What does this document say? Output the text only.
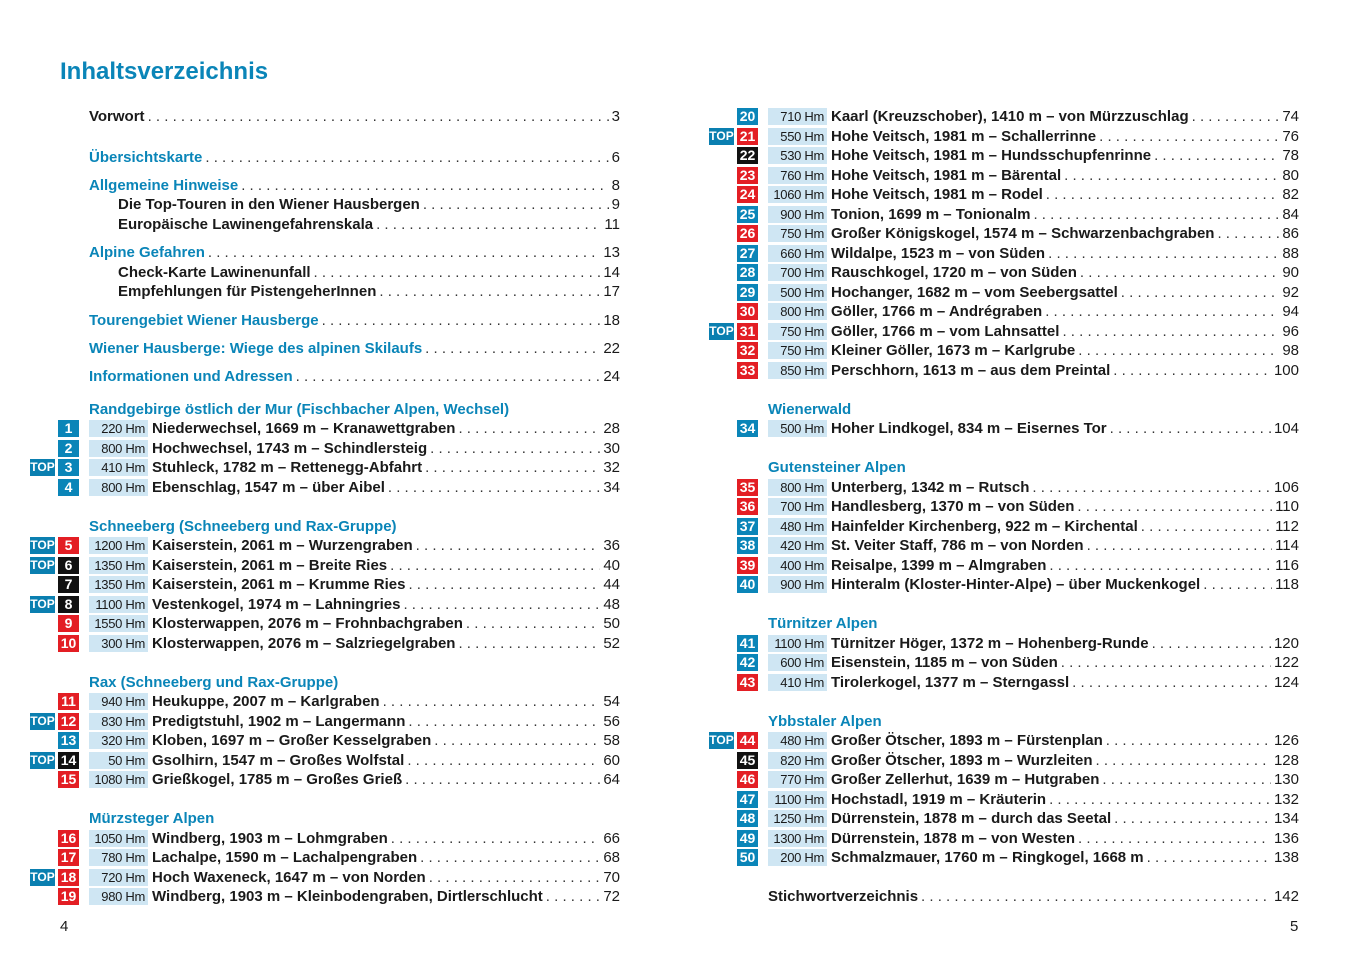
Inhaltsverzeichnis
4	5
Vorwort . . .	3
Übersichtskarte . . .	6
Allgemeine Hinweise . . .	8
Die Top-Touren in den Wiener Hausbergen . . .	9
Europäische Lawinengefahrenskala . . .	11
Alpine Gefahren . . .	13
Check-Karte Lawinenunfall . . .	14
Empfehlungen für PistengeherInnen . . .	17
Tourengebiet Wiener Hausberge . . .	18
Wiener Hausberge: Wiege des alpinen Skilaufs . . .	22
Informationen und Adressen . . .	24
Randgebirge östlich der Mur (Fischbacher Alpen, Wechsel)
Schneeberg (Schneeberg und Rax-Gruppe)
Rax (Schneeberg und Rax-Gruppe)
Mürzsteger Alpen
Wienerwald
Gutensteiner Alpen
Türnitzer Alpen
Ybbstaler Alpen
1	220 Hm Niederwechsel, 1669 m – Kranawettgraben . . .	28
2	800 Hm Hochwechsel, 1743 m – Schindlersteig . . .	30
TOP 3	410 Hm Stuhleck, 1782 m – Rettenegg-Abfahrt . . .	32
4	800 Hm Ebenschlag, 1547 m – über Aibel . . .	34
TOP 5	1200 Hm Kaiserstein, 2061 m – Wurzengraben . . .	36
TOP 6	1350 Hm Kaiserstein, 2061 m – Breite Ries . . .	40
7	1350 Hm Kaiserstein, 2061 m – Krumme Ries . . .	44
TOP 8	1100 Hm Vestenkogel, 1974 m – Lahningries . . .	48
9	1550 Hm Klosterwappen, 2076 m – Frohnbachgraben . . .	50
10	300 Hm Klosterwappen, 2076 m – Salzriegelgraben . . .	52
11	940 Hm Heukuppe, 2007 m – Karlgraben . . .	54
TOP 12	830 Hm Predigtstuhl, 1902 m – Langermann . . .	56
13	320 Hm Kloben, 1697 m – Großer Kesselgraben . . .	58
TOP 14	50 Hm Gsolhirn, 1547 m – Großes Wolfstal . . .	60
15	1080 Hm Grießkogel, 1785 m – Großes Grieß . . .	64
16	1050 Hm Windberg, 1903 m – Lohmgraben . . .	66
17	780 Hm Lachalpe, 1590 m – Lachalpengraben . . .	68
TOP 18	720 Hm Hoch Waxeneck, 1647 m – von Norden . . .	70
19	980 Hm Windberg, 1903 m – Kleinbodengraben, Dirtlerschlucht . . .	72
20	710 Hm Kaarl (Kreuzschober), 1410 m – von Mürzzuschlag . . .	74
TOP 21	550 Hm Hohe Veitsch, 1981 m – Schallerrinne . . .	76
22	530 Hm Hohe Veitsch, 1981 m – Hundsschupfenrinne . . .	78
23	760 Hm Hohe Veitsch, 1981 m – Bärental . . .	80
24	1060 Hm Hohe Veitsch, 1981 m – Rodel . . .	82
25	900 Hm Tonion, 1699 m – Tonionalm . . .	84
26	750 Hm Großer Königskogel, 1574 m – Schwarzenbachgraben . . .	86
27	660 Hm Wildalpe, 1523 m – von Süden . . .	88
28	700 Hm Rauschkogel, 1720 m – von Süden . . .	90
29	500 Hm Hochanger, 1682 m – vom Seebergsattel . . .	92
30	800 Hm Göller, 1766 m – Andrégraben . . .	94
TOP 31	750 Hm Göller, 1766 m – vom Lahnsattel . . .	96
32	750 Hm Kleiner Göller, 1673 m – Karlgrube . . .	98
33	850 Hm Perschhorn, 1613 m – aus dem Preintal . . .	100
34	500 Hm Hoher Lindkogel, 834 m – Eisernes Tor . . .	104
35	800 Hm Unterberg, 1342 m – Rutsch . . .	106
36	700 Hm Handlesberg, 1370 m – von Süden . . .	110
37	480 Hm Hainfelder Kirchenberg, 922 m – Kirchental . . .	112
38	420 Hm St. Veiter Staff, 786 m – von Norden . . .	114
39	400 Hm Reisalpe, 1399 m – Almgraben . . .	116
40	900 Hm Hinteralm (Kloster-Hinter-Alpe) – über Muckenkogel . . .	118
41	1100 Hm Türnitzer Höger, 1372 m – Hohenberg-Runde . . .	120
42	600 Hm Eisenstein, 1185 m – von Süden . . .	122
43	410 Hm Tirolerkogel, 1377 m – Sterngassl . . .	124
TOP 44	480 Hm Großer Ötscher, 1893 m – Fürstenplan . . .	126
45	820 Hm Großer Ötscher, 1893 m – Wurzleiten . . .	128
46	770 Hm Großer Zellerhut, 1639 m – Hutgraben . . .	130
47	1100 Hm Hochstadl, 1919 m – Kräuterin . . .	132
48	1250 Hm Dürrenstein, 1878 m – durch das Seetal . . .	134
49	1300 Hm Dürrenstein, 1878 m – von Westen . . .	136
50	200 Hm Schmalzmauer, 1760 m – Ringkogel, 1668 m . . .	138
Stichwortverzeichnis . . .	142
